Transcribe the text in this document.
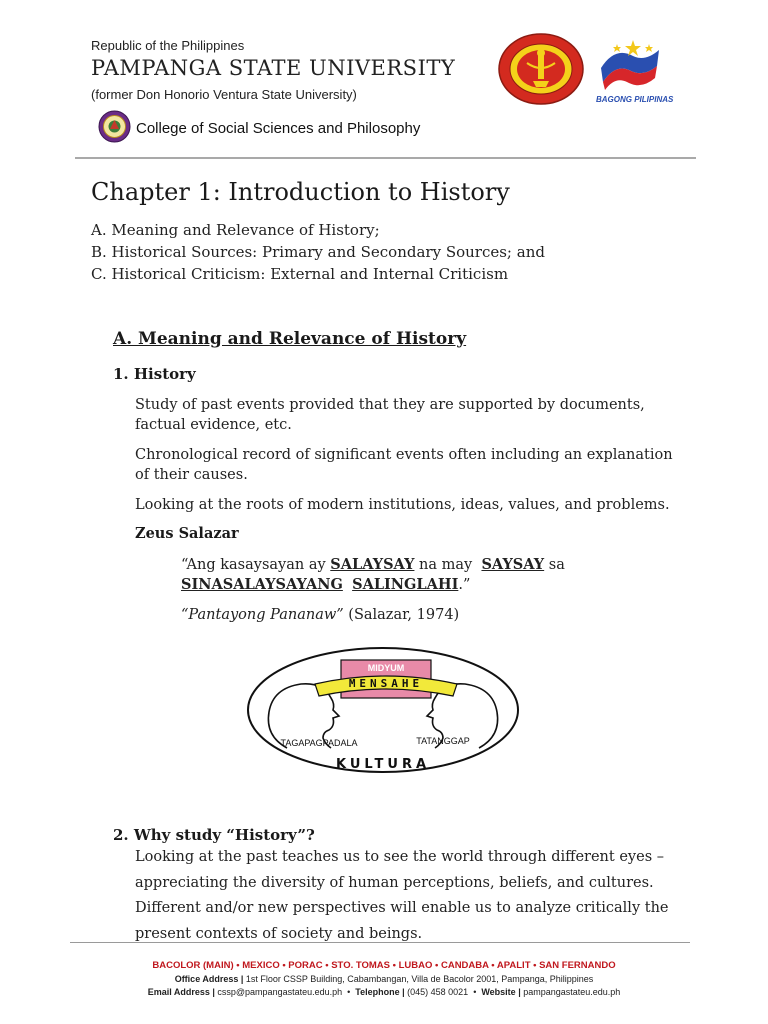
Republic of the Philippines
PAMPANGA STATE UNIVERSITY
(former Don Honorio Ventura State University)
College of Social Sciences and Philosophy
BAGONG PILIPINAS
Chapter 1: Introduction to History
A. Meaning and Relevance of History;
B. Historical Sources: Primary and Secondary Sources; and
C. Historical Criticism: External and Internal Criticism
A. Meaning and Relevance of History
1. History
Study of past events provided that they are supported by documents, factual evidence, etc.
Chronological record of significant events often including an explanation of their causes.
Looking at the roots of modern institutions, ideas, values, and problems.
Zeus Salazar
“Ang kasaysayan ay SALAYSAY na may  SAYSAY sa
SINASALAYSAYANG SALINGLAHI.”
“Pantayong Pananaw” (Salazar, 1974)
MIDYUM
MENSAHE
TAGAPAGPADALA	TATANGGAP
KULTURA
2. Why study “History”?
Looking at the past teaches us to see the world through different eyes –
appreciating the diversity of human perceptions, beliefs, and cultures.
Different and/or new perspectives will enable us to analyze critically the
present contexts of society and beings.
BACOLOR (MAIN) • MEXICO • PORAC • STO. TOMAS • LUBAO • CANDABA • APALIT • SAN FERNANDO
Office Address | 1st Floor CSSP Building, Cabambangan, Villa de Bacolor 2001, Pampanga, Philippines
Email Address | cssp@pampangastateu.edu.ph  •  Telephone | (045) 458 0021  •  Website | pampangastateu.edu.ph
